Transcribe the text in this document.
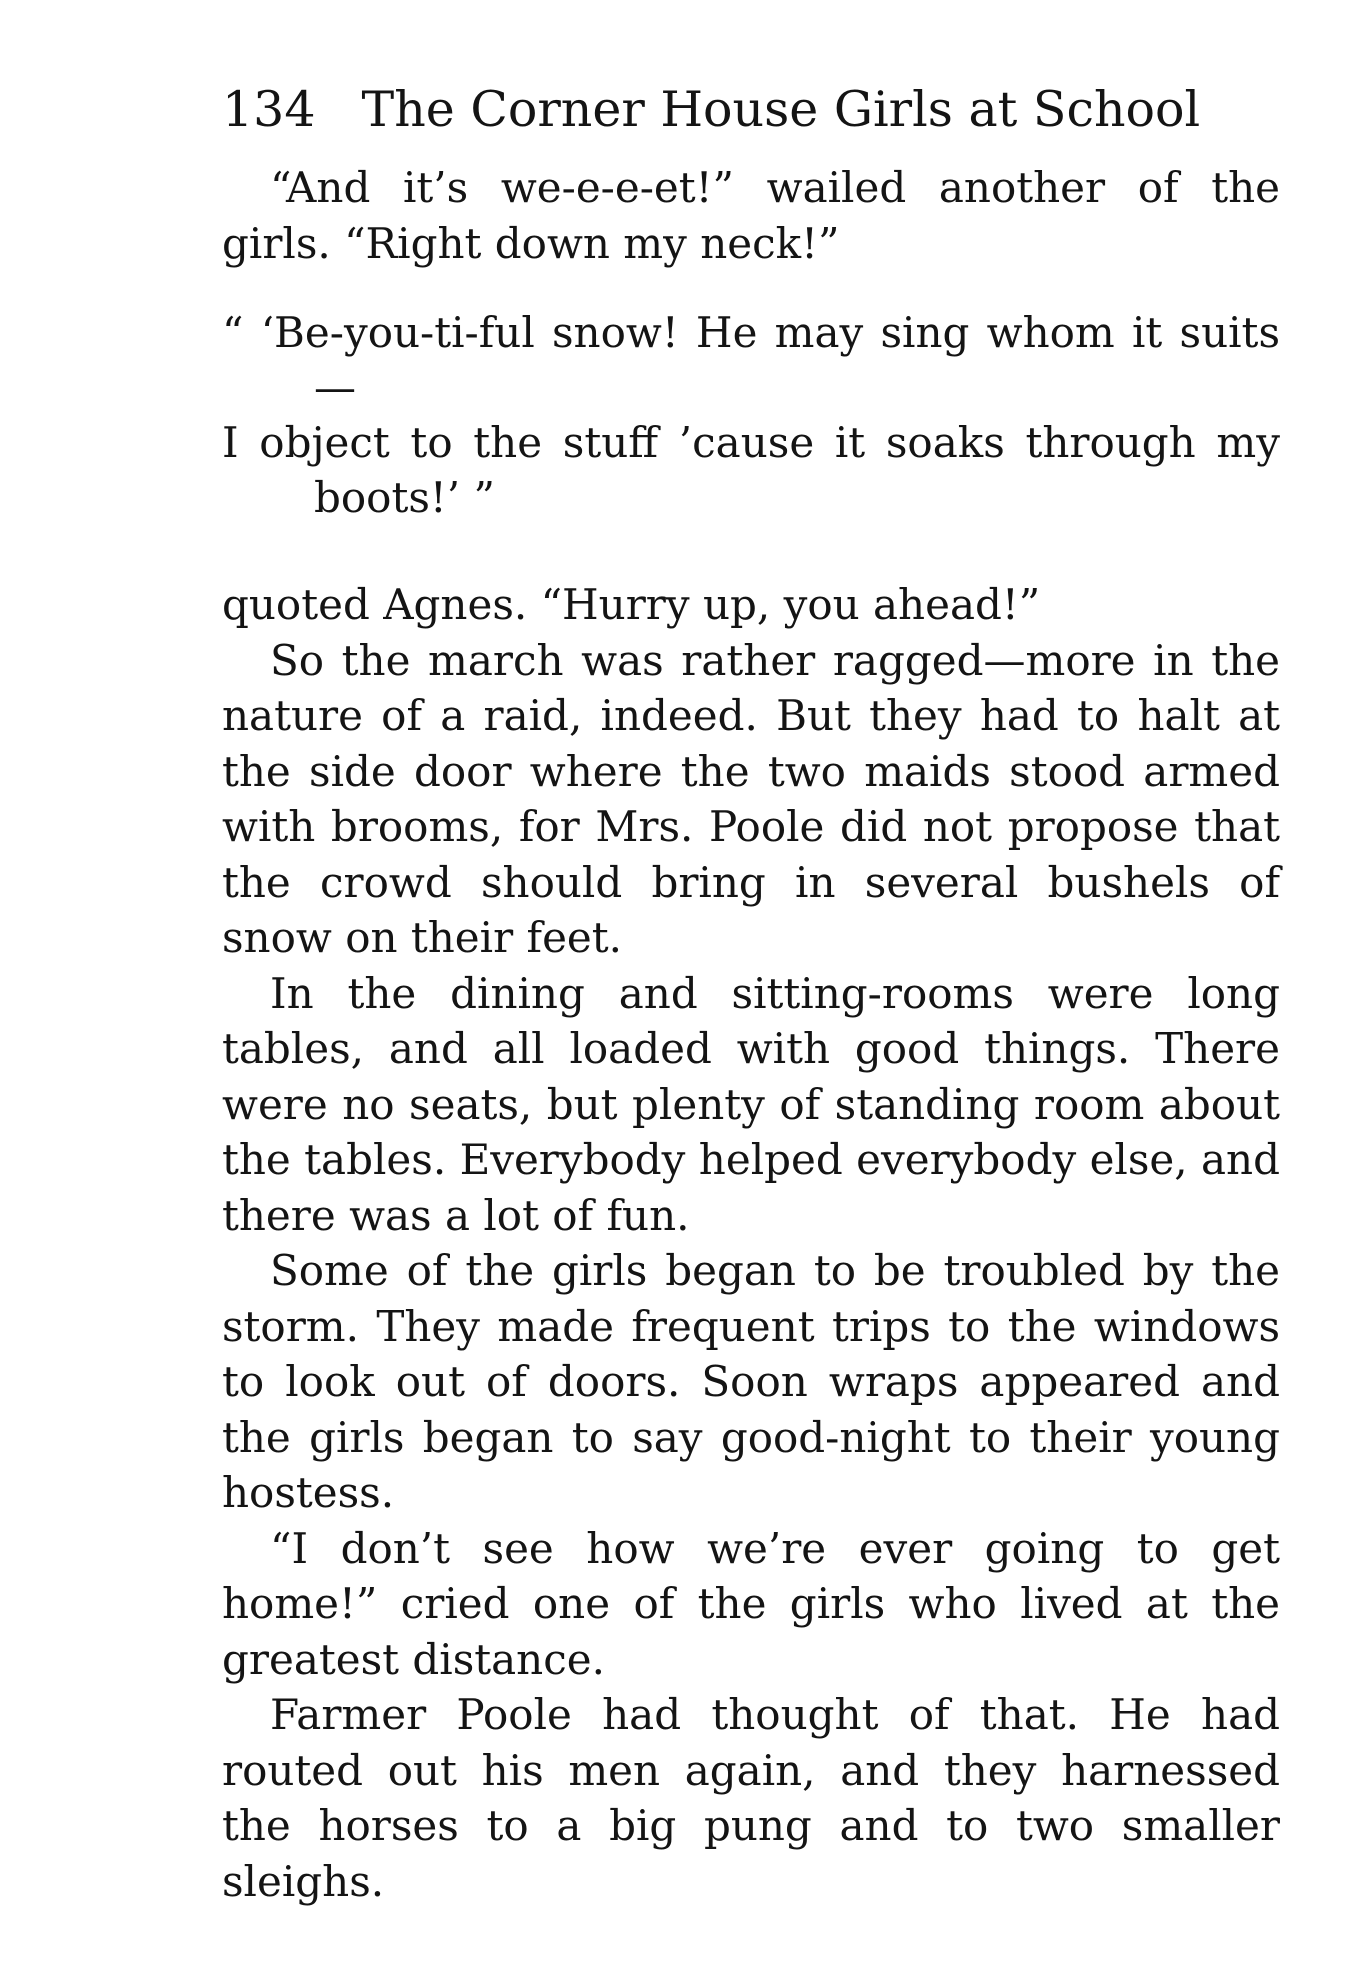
134 The Corner House Girls at School

“And it’s we-e-e-et!” wailed another of the girls. “Right down my neck!”

“ ‘Be-you-ti-ful snow! He may sing whom it suits—
I object to the stuff ’cause it soaks through my boots!’ ”

quoted Agnes. “Hurry up, you ahead!”

So the march was rather ragged—more in the nature of a raid, indeed. But they had to halt at the side door where the two maids stood armed with brooms, for Mrs. Poole did not propose that the crowd should bring in several bushels of snow on their feet.

In the dining and sitting-rooms were long tables, and all loaded with good things. There were no seats, but plenty of standing room about the tables. Everybody helped everybody else, and there was a lot of fun.

Some of the girls began to be troubled by the storm. They made frequent trips to the windows to look out of doors. Soon wraps appeared and the girls began to say good-night to their young hostess.

“I don’t see how we’re ever going to get home!” cried one of the girls who lived at the greatest distance.

Farmer Poole had thought of that. He had routed out his men again, and they harnessed the horses to a big pung and to two smaller sleighs.
